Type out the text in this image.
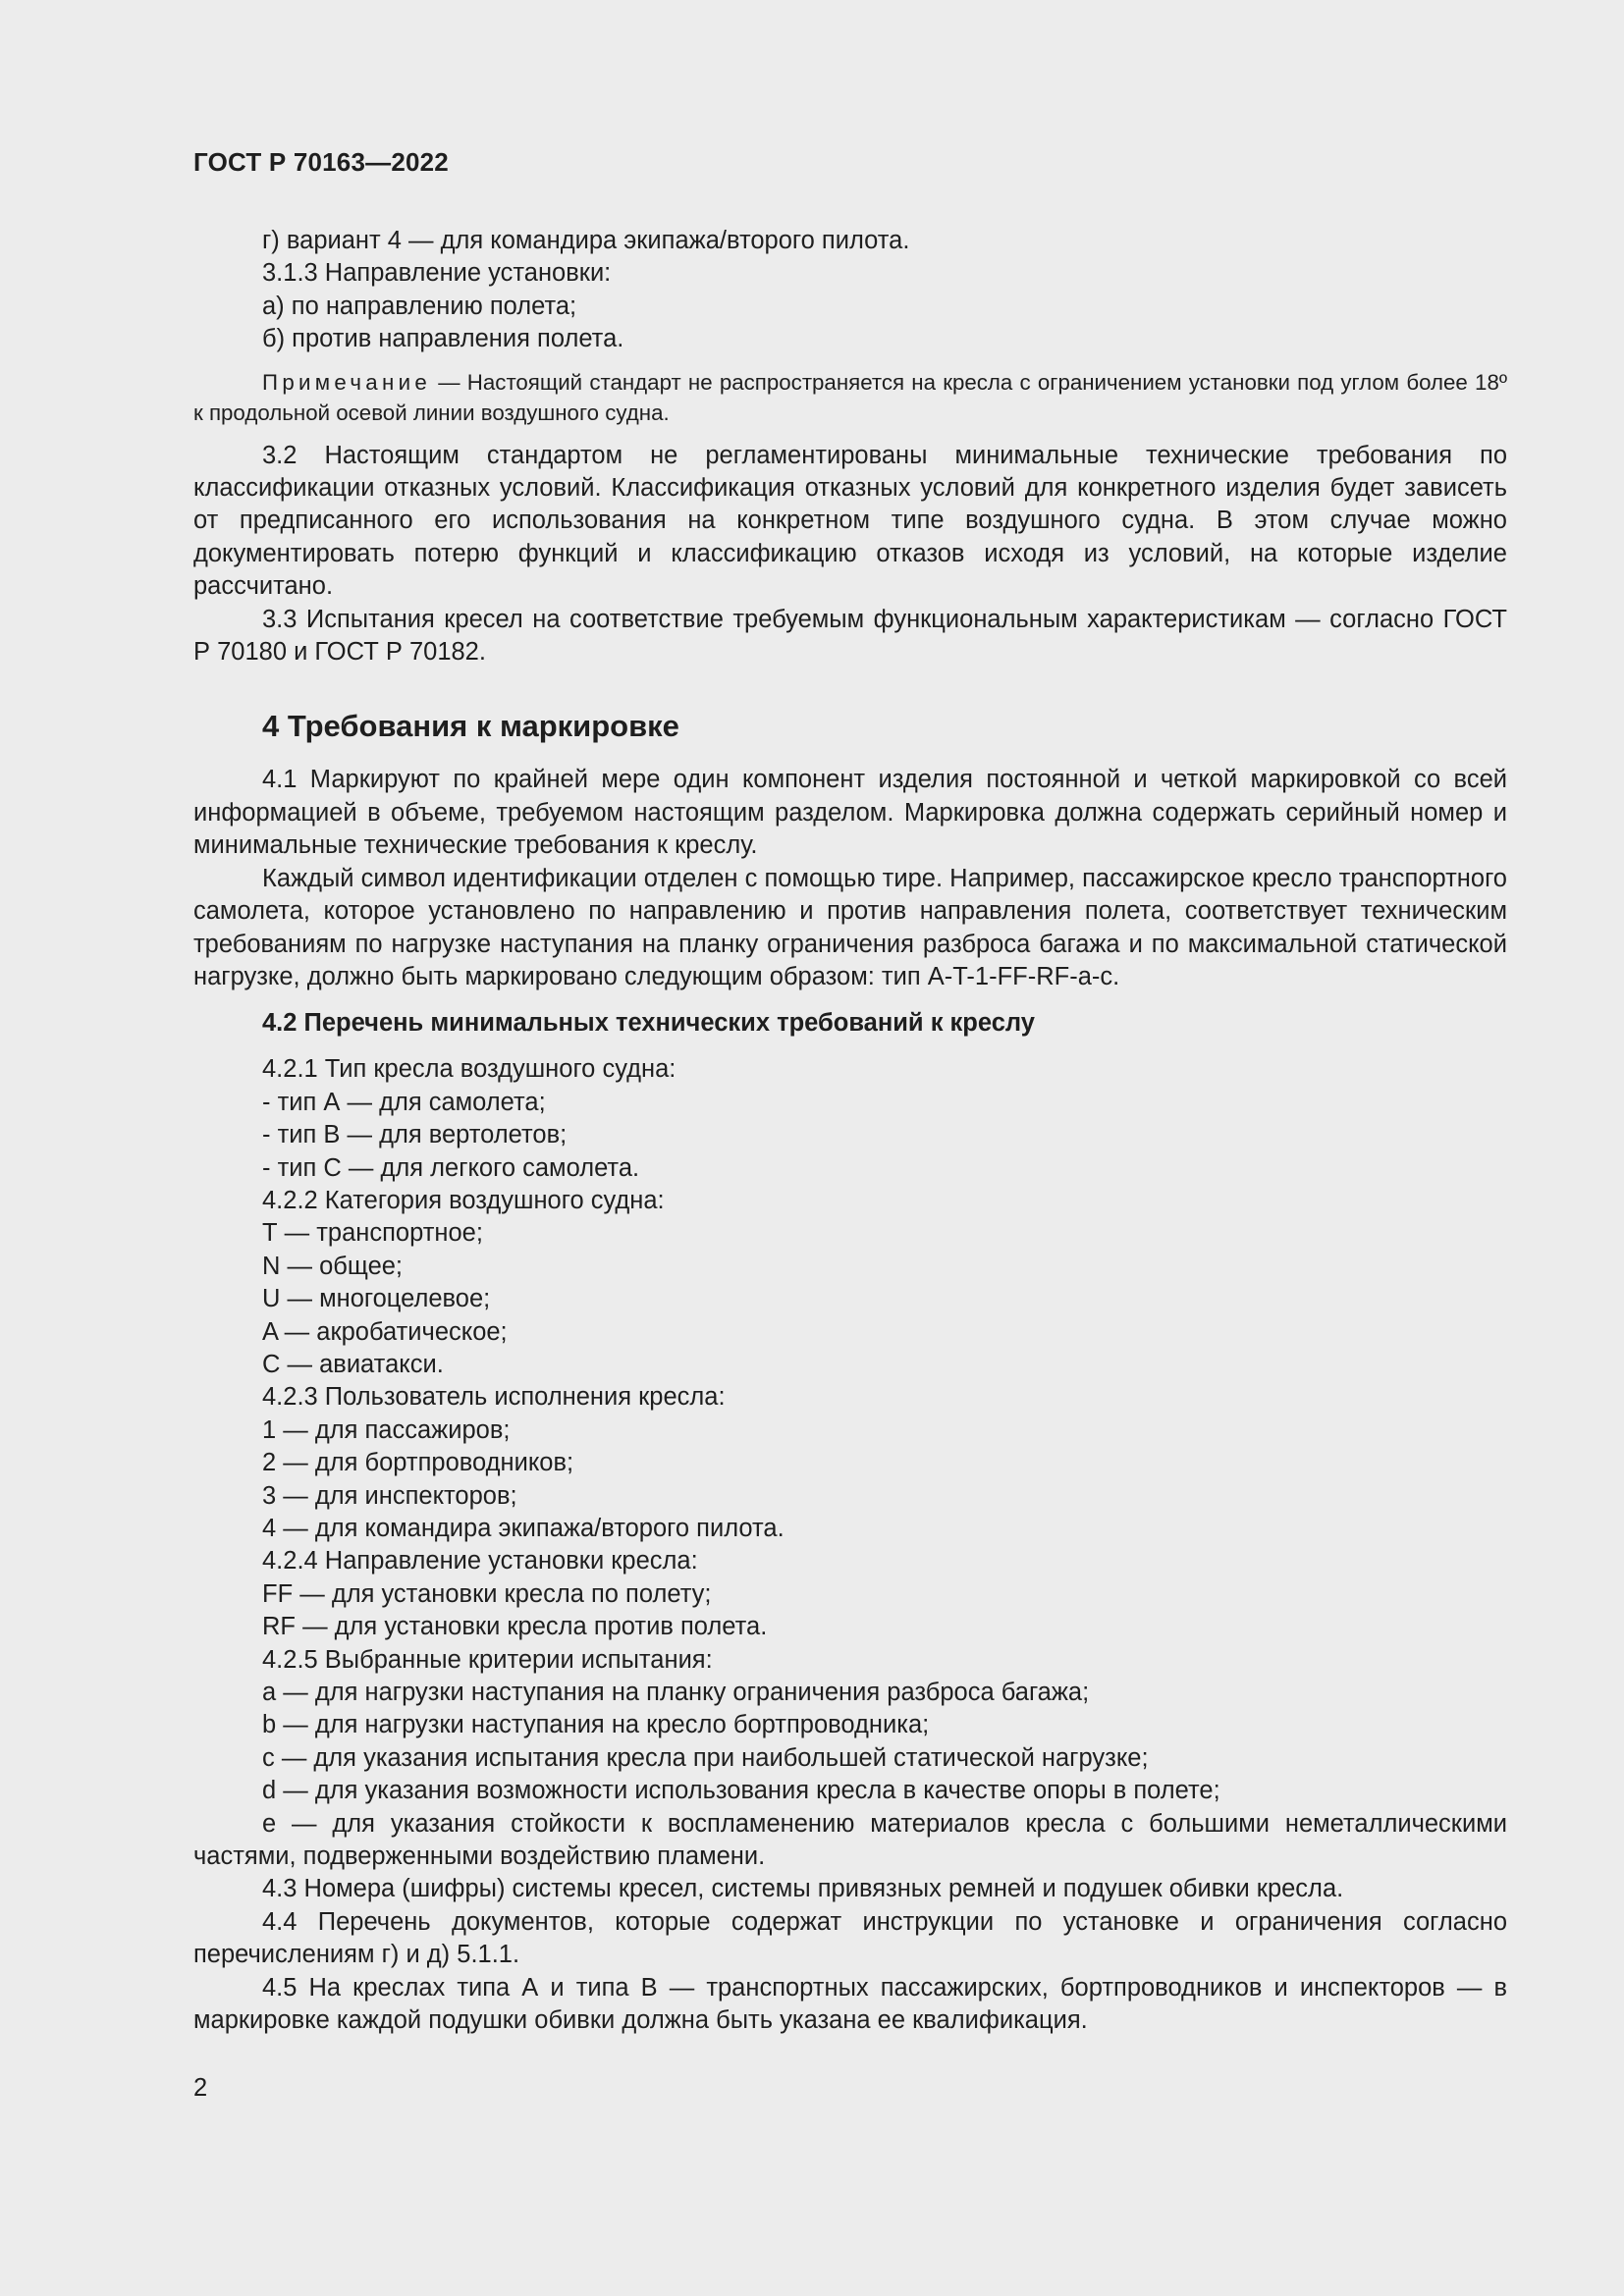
ГОСТ Р 70163—2022

г) вариант 4 — для командира экипажа/второго пилота.

3.1.3 Направление установки:

а) по направлению полета;

б) против направления полета.

Примечание — Настоящий стандарт не распространяется на кресла с ограничением установки под углом более 18º к продольной осевой линии воздушного судна.

3.2 Настоящим стандартом не регламентированы минимальные технические требования по классификации отказных условий. Классификация отказных условий для конкретного изделия будет зависеть от предписанного его использования на конкретном типе воздушного судна. В этом случае можно документировать потерю функций и классификацию отказов исходя из условий, на которые изделие рассчитано.

3.3 Испытания кресел на соответствие требуемым функциональным характеристикам — согласно ГОСТ Р 70180 и ГОСТ Р 70182.

4 Требования к маркировке

4.1 Маркируют по крайней мере один компонент изделия постоянной и четкой маркировкой со всей информацией в объеме, требуемом настоящим разделом. Маркировка должна содержать серийный номер и минимальные технические требования к креслу.

Каждый символ идентификации отделен с помощью тире. Например, пассажирское кресло транспортного самолета, которое установлено по направлению и против направления полета, соответствует техническим требованиям по нагрузке наступания на планку ограничения разброса багажа и по максимальной статической нагрузке, должно быть маркировано следующим образом: тип A-T-1-FF-RF-a-c.

4.2 Перечень минимальных технических требований к креслу

4.2.1 Тип кресла воздушного судна:

- тип А — для самолета;

- тип В — для вертолетов;

- тип С — для легкого самолета.

4.2.2 Категория воздушного судна:

Т — транспортное;

N — общее;

U — многоцелевое;

A — акробатическое;

C — авиатакси.

4.2.3 Пользователь исполнения кресла:

1 — для пассажиров;

2 — для бортпроводников;

3 — для инспекторов;

4 — для командира экипажа/второго пилота.

4.2.4 Направление установки кресла:

FF — для установки кресла по полету;

RF — для установки кресла против полета.

4.2.5 Выбранные критерии испытания:

a — для нагрузки наступания на планку ограничения разброса багажа;

b — для нагрузки наступания на кресло бортпроводника;

c — для указания испытания кресла при наибольшей статической нагрузке;

d — для указания возможности использования кресла в качестве опоры в полете;

e — для указания стойкости к воспламенению материалов кресла с большими неметаллическими частями, подверженными воздействию пламени.

4.3 Номера (шифры) системы кресел, системы привязных ремней и подушек обивки кресла.

4.4 Перечень документов, которые содержат инструкции по установке и ограничения согласно перечислениям г) и д) 5.1.1.

4.5 На креслах типа А и типа В — транспортных пассажирских, бортпроводников и инспекторов — в маркировке каждой подушки обивки должна быть указана ее квалификация.

2
